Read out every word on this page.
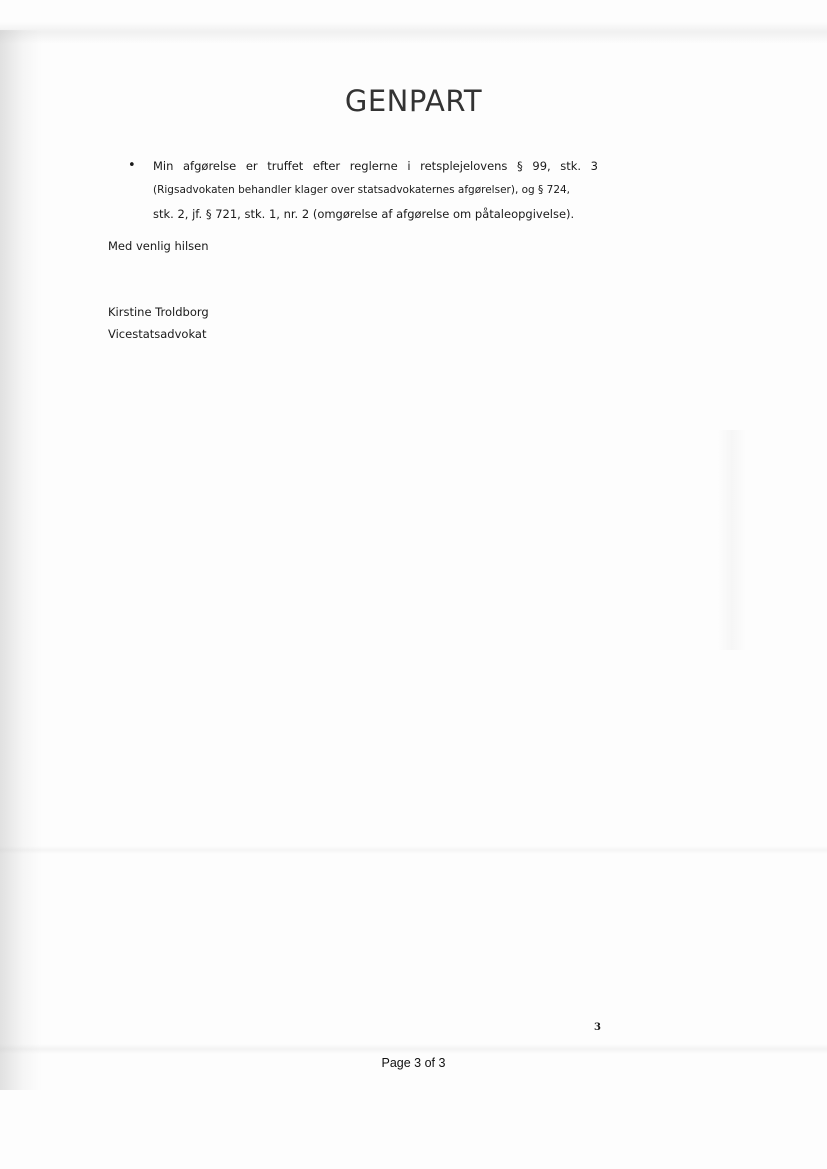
GENPART
• Min afgørelse er truffet efter reglerne i retsplejelovens § 99, stk. 3
(Rigsadvokaten behandler klager over statsadvokaternes afgørelser), og § 724,
stk. 2, jf. § 721, stk. 1, nr. 2 (omgørelse af afgørelse om påtaleopgivelse).
Med venlig hilsen
Kirstine Troldborg
Vicestatsadvokat
3
Page 3 of 3
